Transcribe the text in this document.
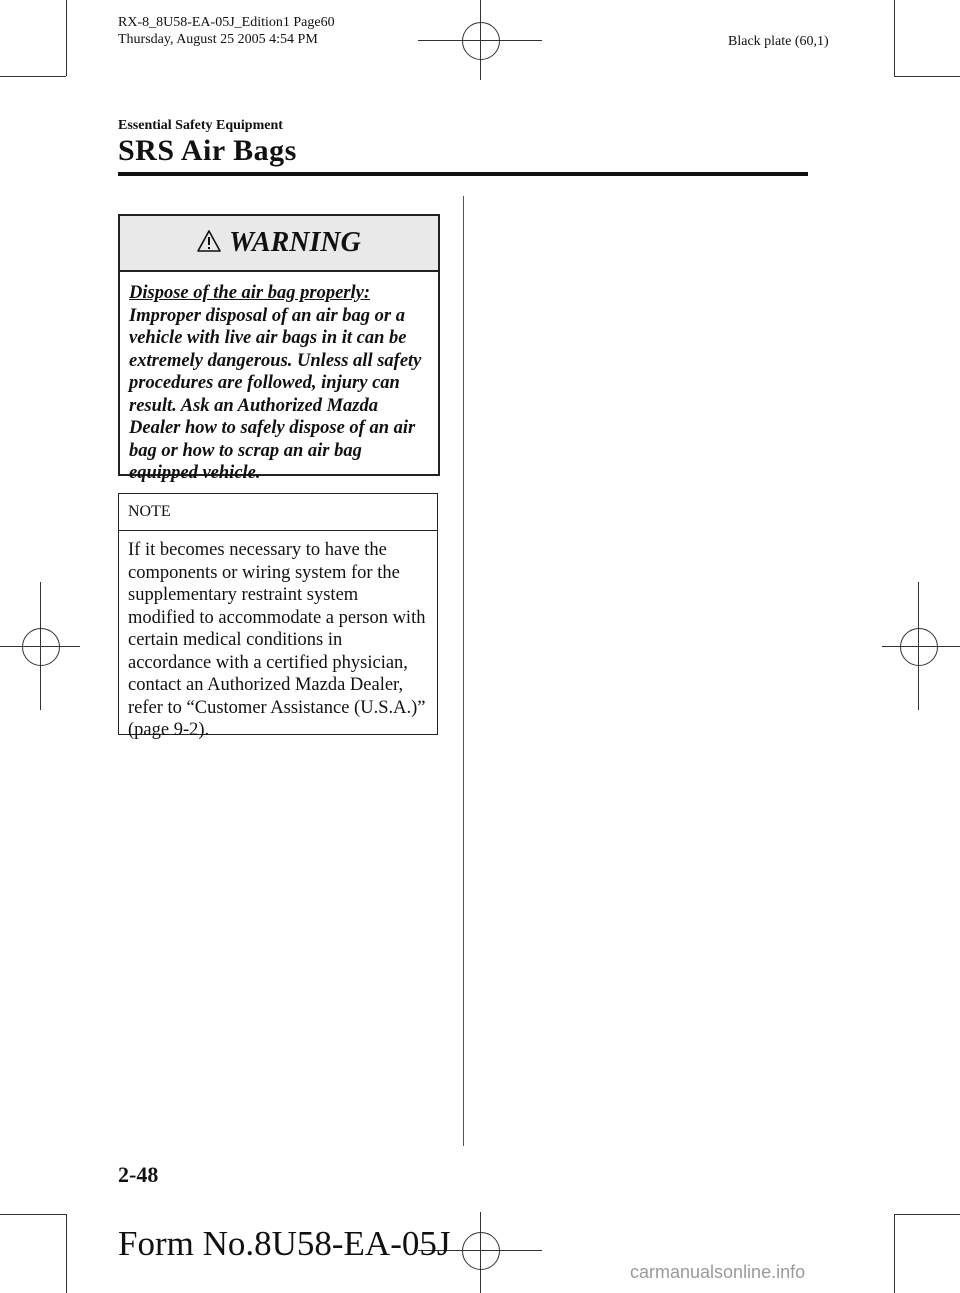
RX-8_8U58-EA-05J_Edition1 Page60
Thursday, August 25 2005 4:54 PM	Black plate (60,1)
Essential Safety Equipment
SRS Air Bags
WARNING
Dispose of the air bag properly:
Improper disposal of an air bag or a vehicle with live air bags in it can be extremely dangerous. Unless all safety procedures are followed, injury can result. Ask an Authorized Mazda Dealer how to safely dispose of an air bag or how to scrap an air bag equipped vehicle.
NOTE
If it becomes necessary to have the components or wiring system for the supplementary restraint system modified to accommodate a person with certain medical conditions in accordance with a certified physician, contact an Authorized Mazda Dealer, refer to “Customer Assistance (U.S.A.)” (page 9-2).
2-48
Form No.8U58-EA-05J
carmanualsonline.info
